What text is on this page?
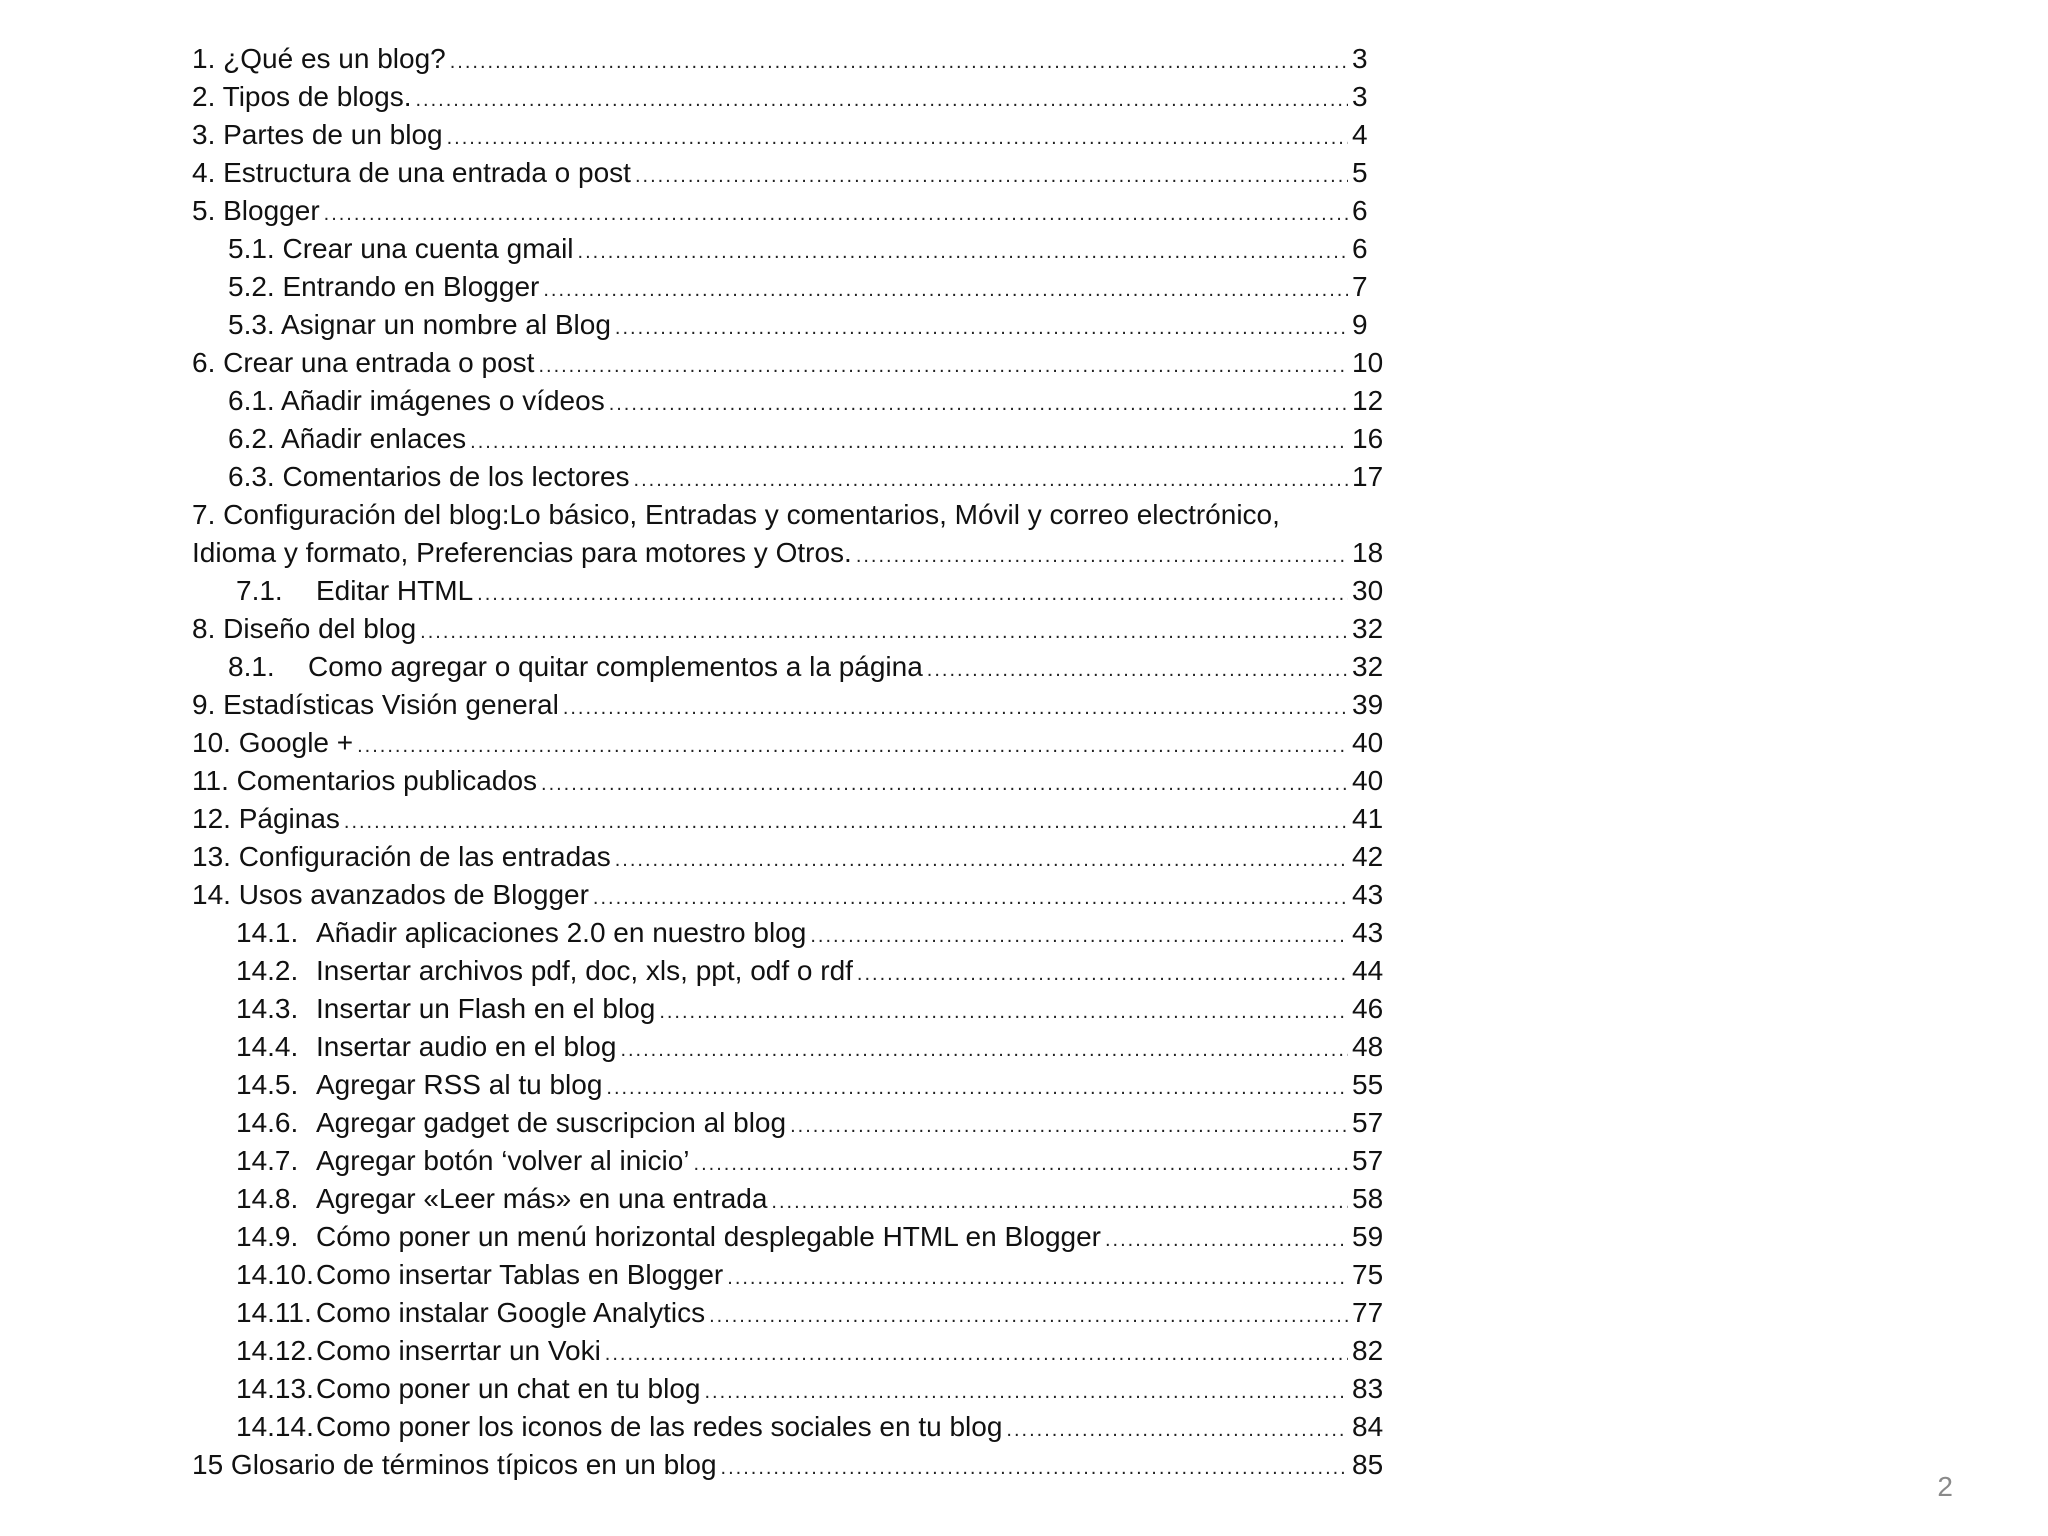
1. ¿Qué es un blog? .....	3
2. Tipos de blogs. .....	3
3. Partes de un blog .....	4
4. Estructura de una entrada o post .....	5
5. Blogger .....	6
5.1. Crear una cuenta gmail .....	6
5.2. Entrando en Blogger .....	7
5.3. Asignar un nombre al Blog .....	9
6. Crear una entrada o post .....	10
6.1. Añadir imágenes o vídeos .....	12
6.2. Añadir enlaces .....	16
6.3. Comentarios de los lectores .....	17
7. Configuración del blog:Lo básico, Entradas y comentarios, Móvil y correo electrónico,
Idioma y formato, Preferencias para motores y Otros. .....	18
7.1.	Editar HTML .....	30
8. Diseño del blog .....	32
8.1.	Como agregar o quitar complementos a la página .....	32
9. Estadísticas Visión general .....	39
10. Google + .....	40
11. Comentarios publicados .....	40
12. Páginas .....	41
13. Configuración de las entradas .....	42
14. Usos avanzados de Blogger .....	43
14.1. Añadir aplicaciones 2.0 en nuestro blog .....	43
14.2. Insertar archivos pdf, doc, xls, ppt, odf o rdf .....	44
14.3. Insertar un Flash en el blog .....	46
14.4. Insertar audio en el blog .....	48
14.5. Agregar RSS al tu blog .....	55
14.6. Agregar gadget de suscripcion al blog .....	57
14.7. Agregar botón ‘volver al inicio’ .....	57
14.8. Agregar «Leer más» en una entrada .....	58
14.9. Cómo poner un menú horizontal desplegable HTML en Blogger .....	59
14.10. Como insertar Tablas en Blogger .....	75
14.11. Como instalar Google Analytics .....	77
14.12. Como inserrtar un Voki .....	82
14.13. Como poner un chat en tu blog .....	83
14.14. Como poner los iconos de las redes sociales en tu blog .....	84
15 Glosario de términos típicos en un blog .....	85
2
